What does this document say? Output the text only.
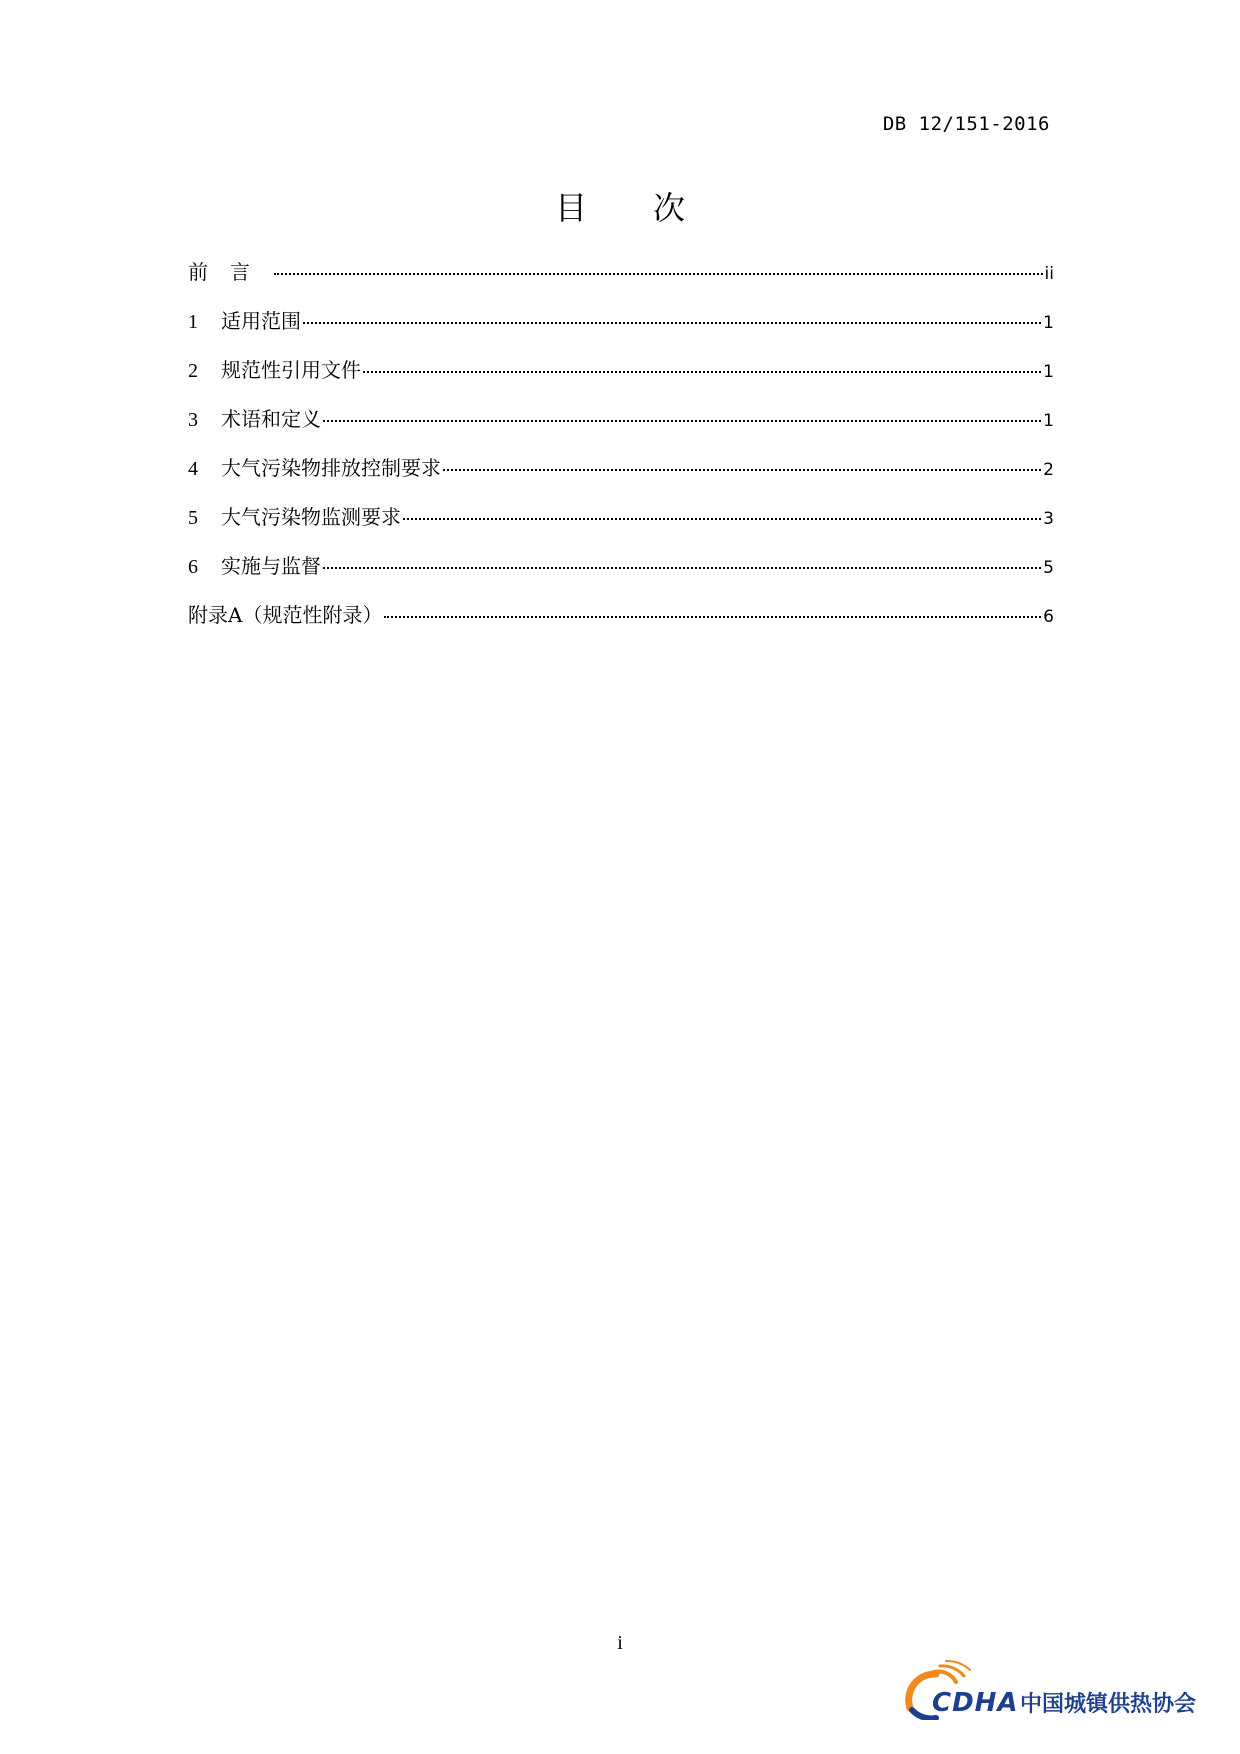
DB 12/151-2016
目次
前言	ii
1	适用范围	1
2	规范性引用文件	1
3	术语和定义	1
4	大气污染物排放控制要求	2
5	大气污染物监测要求	3
6	实施与监督	5
附录A（规范性附录）	6
i
CDHA 中国城镇供热协会
